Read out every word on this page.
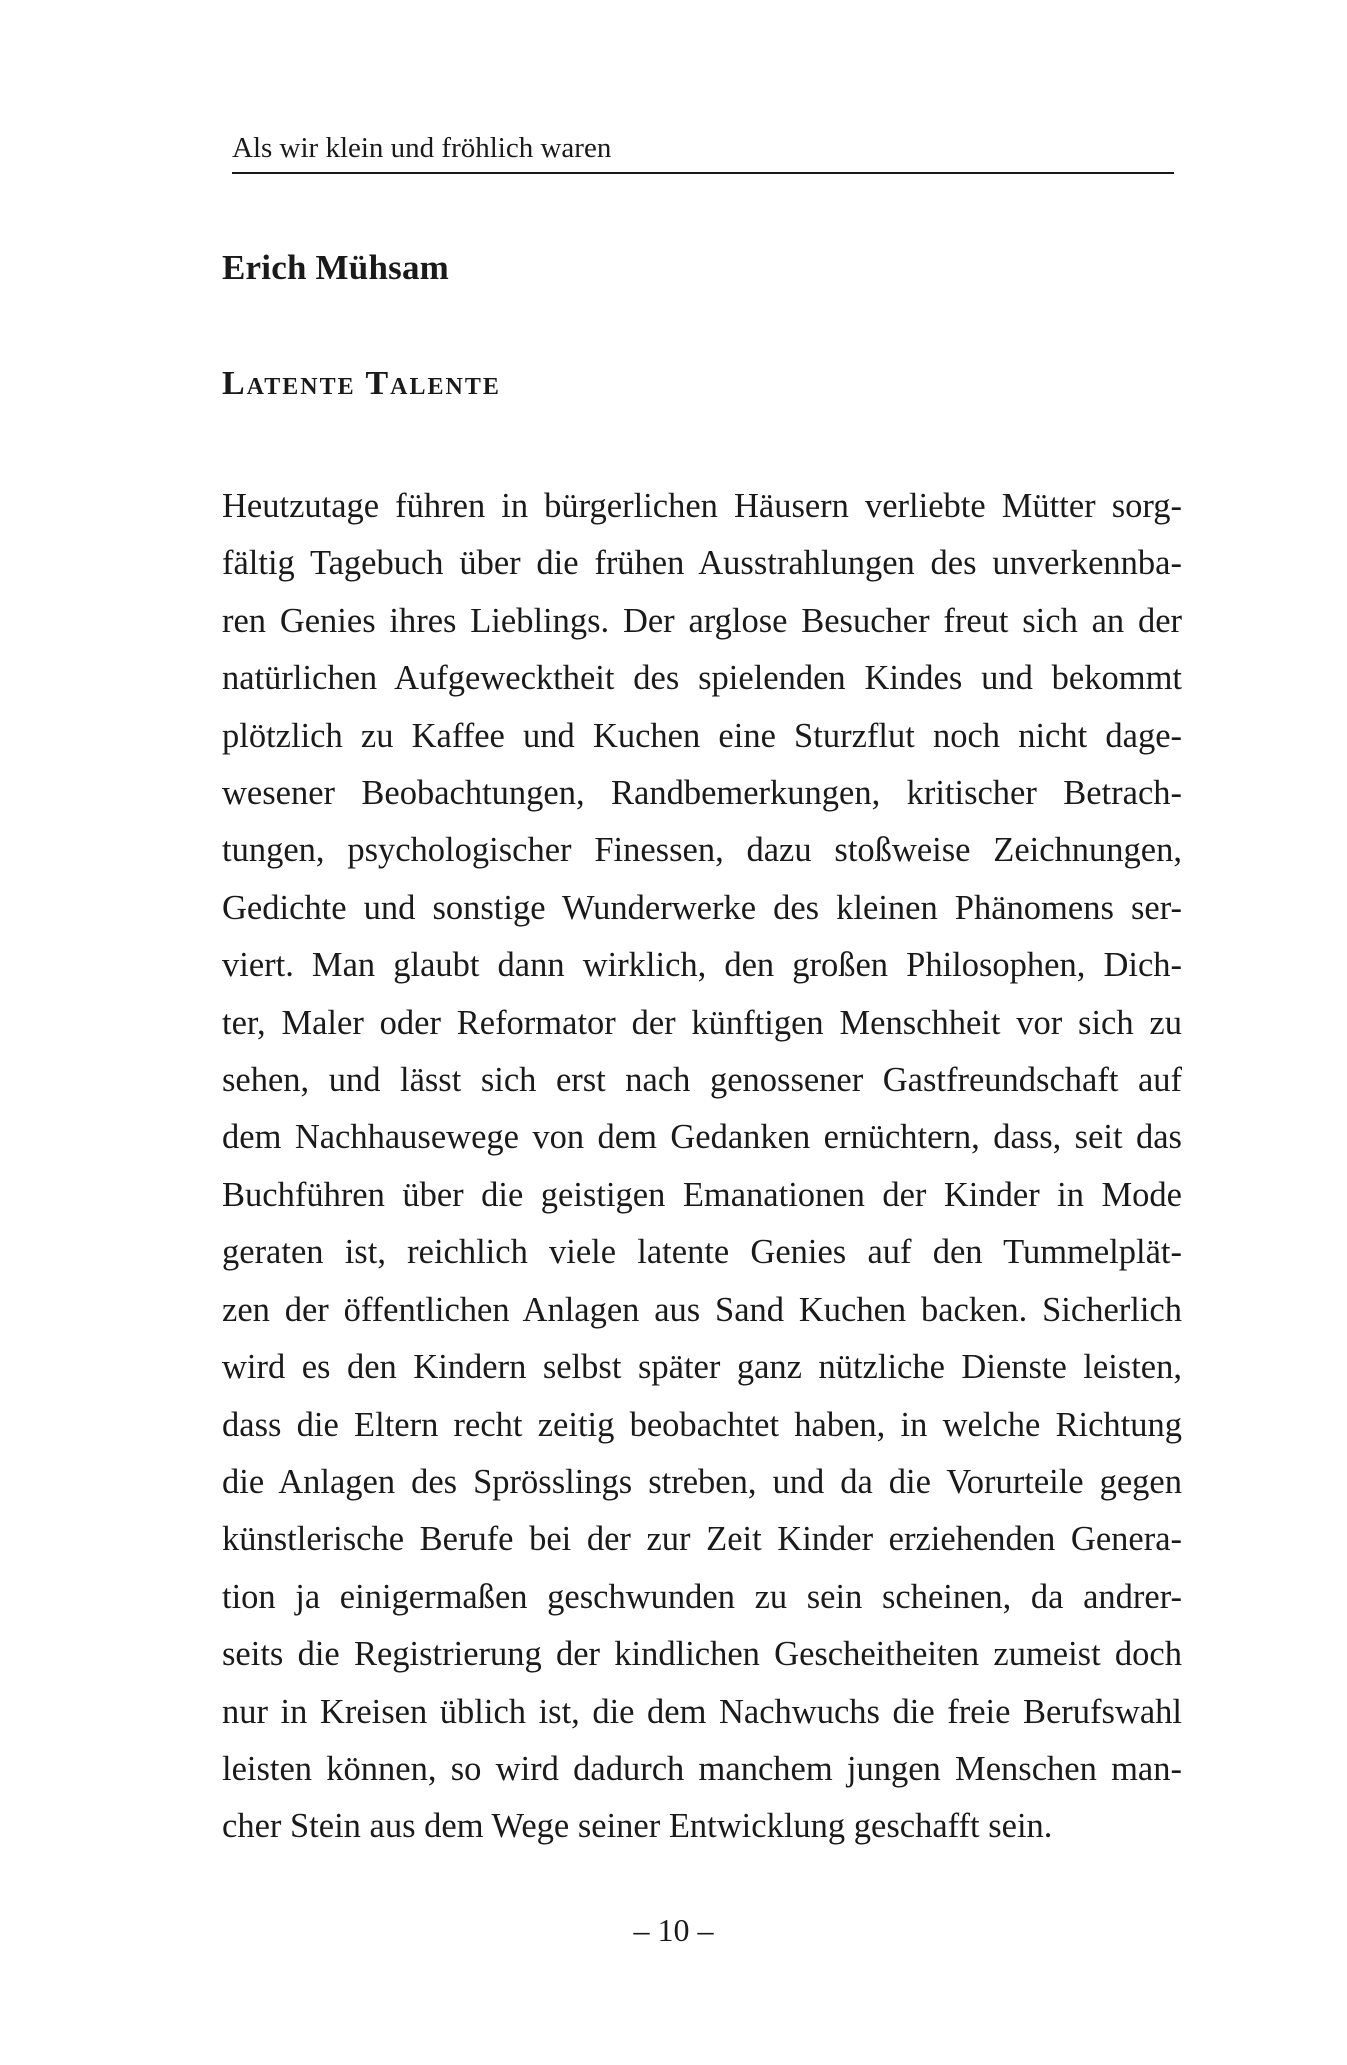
Als wir klein und fröhlich waren
Erich Mühsam
Latente Talente
Heutzutage führen in bürgerlichen Häusern verliebte Mütter sorg-
fältig Tagebuch über die frühen Ausstrahlungen des unverkennba-
ren Genies ihres Lieblings. Der arglose Besucher freut sich an der
natürlichen Aufgewecktheit des spielenden Kindes und bekommt
plötzlich zu Kaffee und Kuchen eine Sturzflut noch nicht dage-
wesener Beobachtungen, Randbemerkungen, kritischer Betrach-
tungen, psychologischer Finessen, dazu stoßweise Zeichnungen,
Gedichte und sonstige Wunderwerke des kleinen Phänomens ser-
viert. Man glaubt dann wirklich, den großen Philosophen, Dich-
ter, Maler oder Reformator der künftigen Menschheit vor sich zu
sehen, und lässt sich erst nach genossener Gastfreundschaft auf
dem Nachhausewege von dem Gedanken ernüchtern, dass, seit das
Buchführen über die geistigen Emanationen der Kinder in Mode
geraten ist, reichlich viele latente Genies auf den Tummelplät-
zen der öffentlichen Anlagen aus Sand Kuchen backen. Sicherlich
wird es den Kindern selbst später ganz nützliche Dienste leisten,
dass die Eltern recht zeitig beobachtet haben, in welche Richtung
die Anlagen des Sprösslings streben, und da die Vorurteile gegen
künstlerische Berufe bei der zur Zeit Kinder erziehenden Genera-
tion ja einigermaßen geschwunden zu sein scheinen, da andrer-
seits die Registrierung der kindlichen Gescheitheiten zumeist doch
nur in Kreisen üblich ist, die dem Nachwuchs die freie Berufswahl
leisten können, so wird dadurch manchem jungen Menschen man-
cher Stein aus dem Wege seiner Entwicklung geschafft sein.
– 10 –
